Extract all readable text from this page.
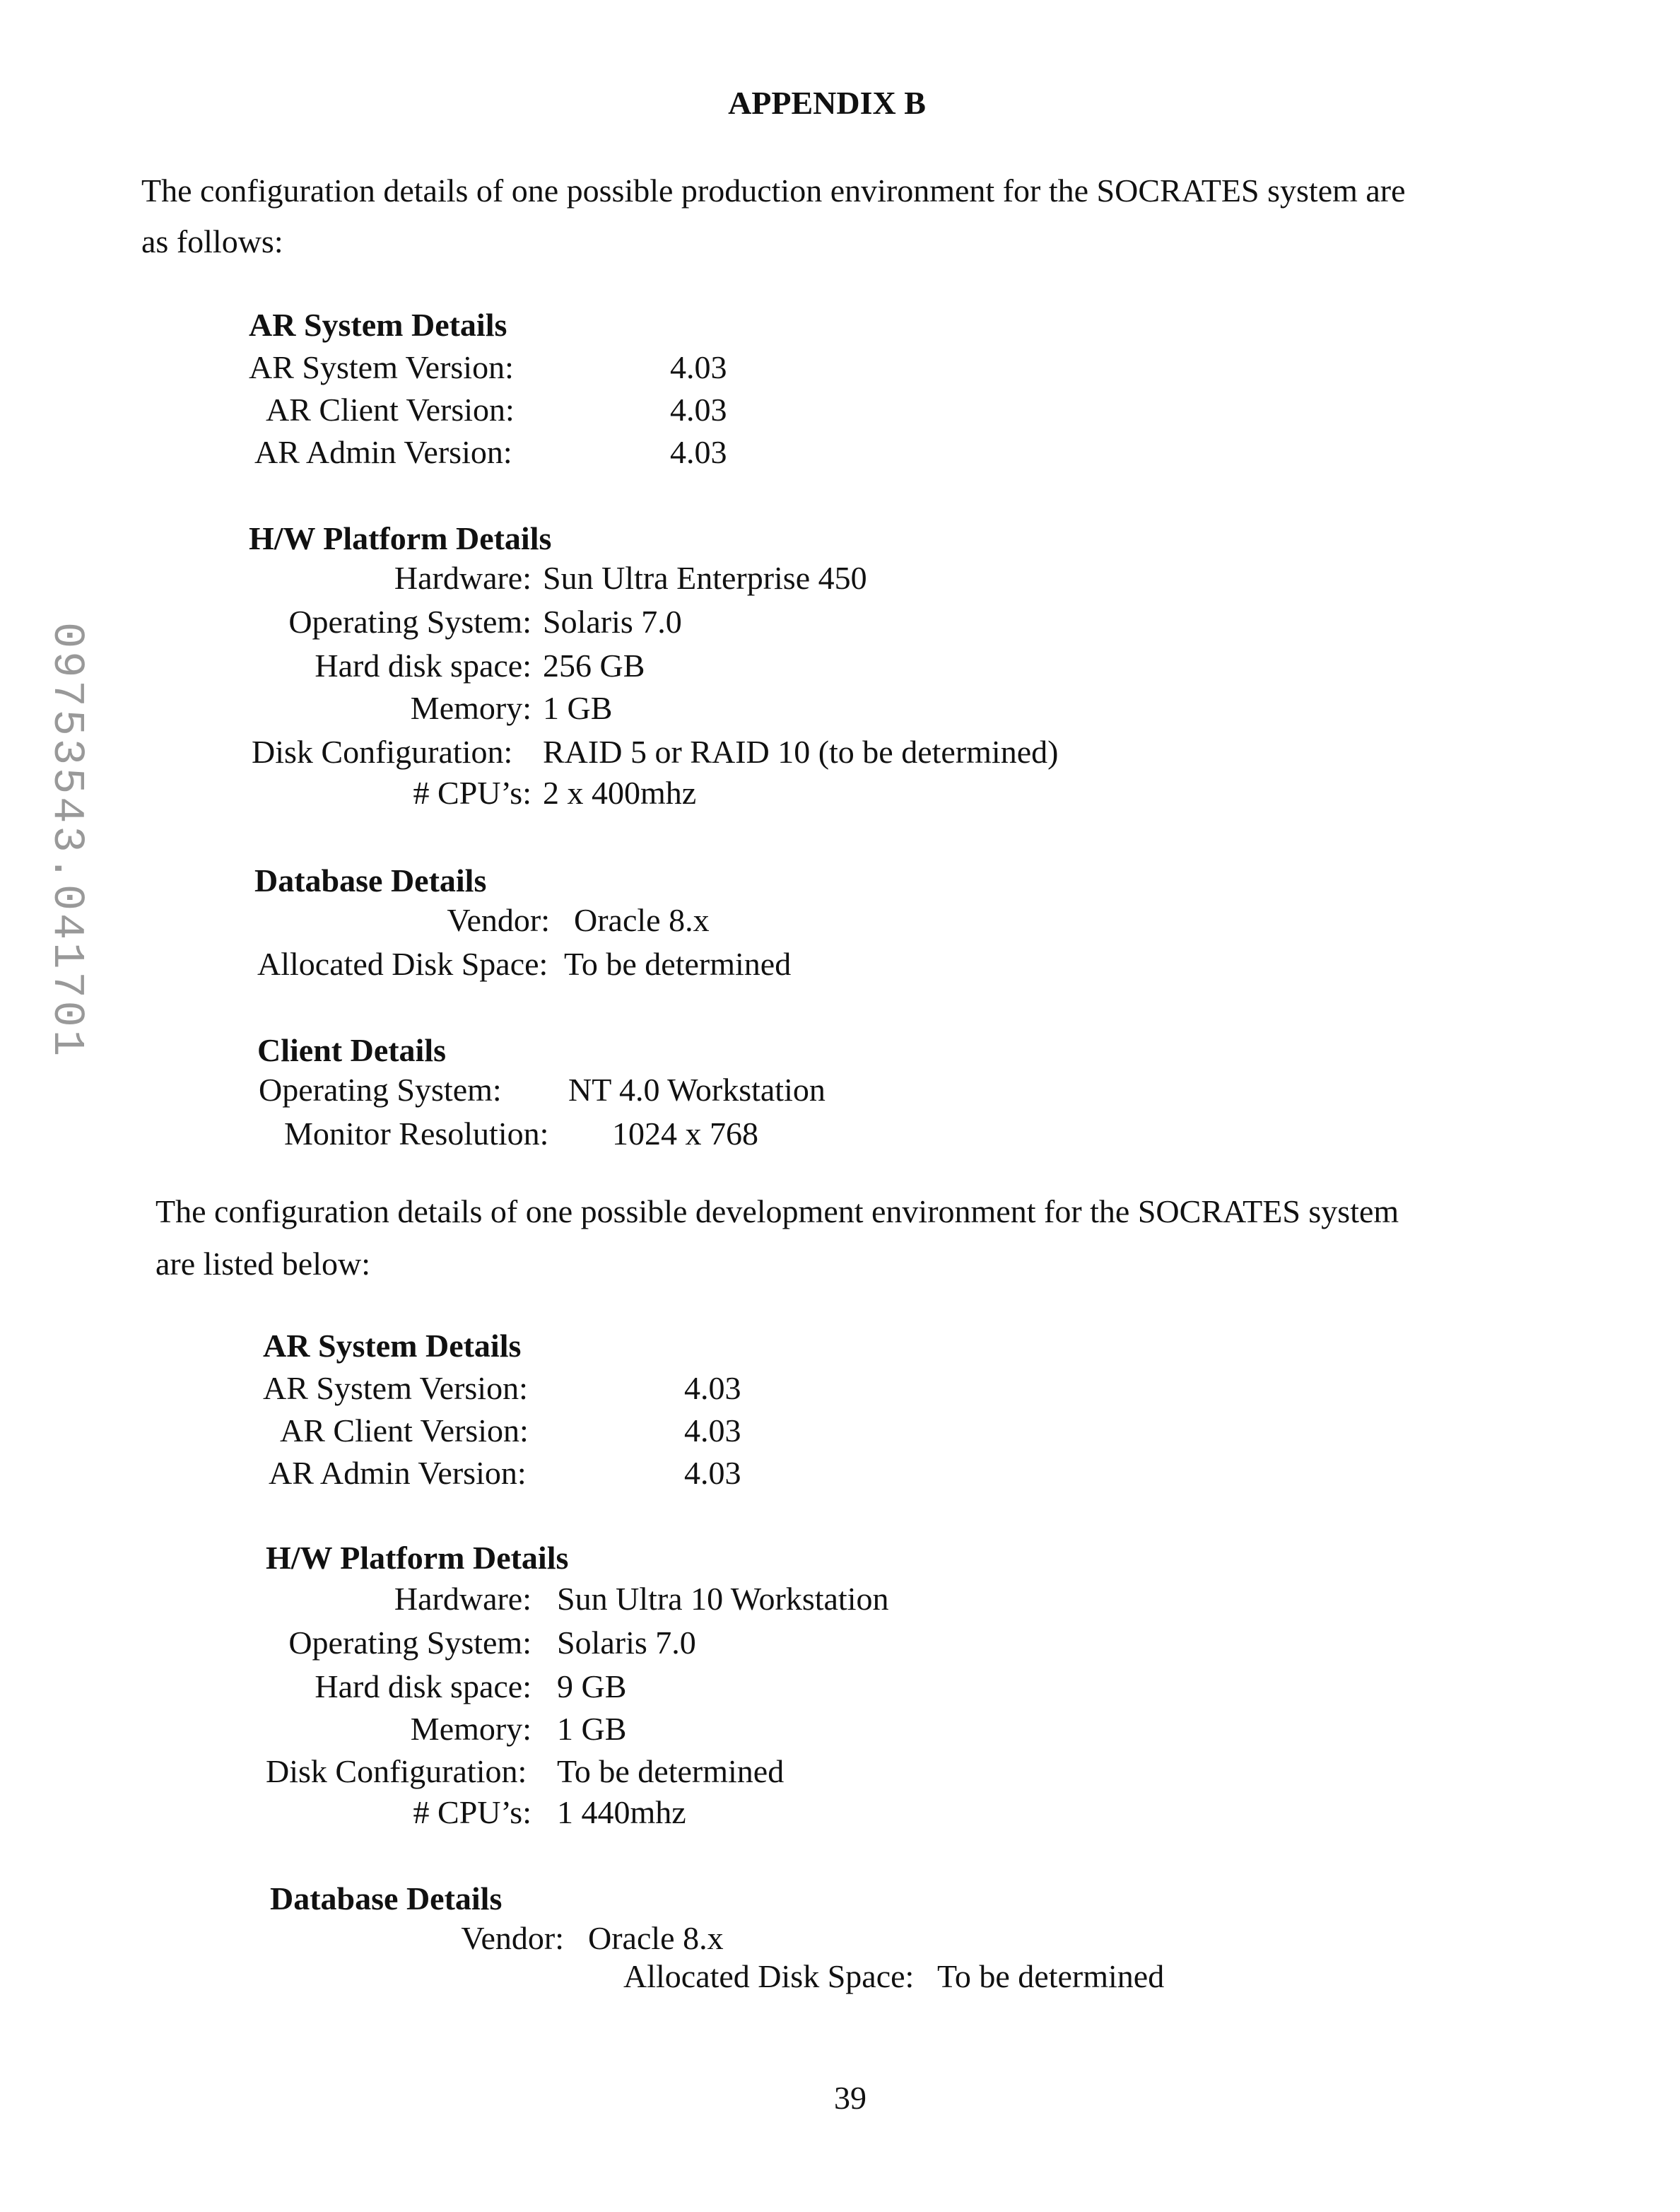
APPENDIX B
The configuration details of one possible production environment for the SOCRATES system are
as follows:
AR System Details
AR System Version:	4.03
AR Client Version:	4.03
AR Admin Version:	4.03
H/W Platform Details
Hardware: Sun Ultra Enterprise 450
Operating System: Solaris 7.0
Hard disk space: 256 GB
Memory: 1 GB
Disk Configuration: RAID 5 or RAID 10 (to be determined)
# CPU’s: 2 x 400mhz
Database Details
Vendor: Oracle 8.x
Allocated Disk Space: To be determined
Client Details
Operating System: NT 4.0 Workstation
Monitor Resolution: 1024 x 768
The configuration details of one possible development environment for the SOCRATES system
are listed below:
AR System Details
AR System Version:	4.03
AR Client Version:	4.03
AR Admin Version:	4.03
H/W Platform Details
Hardware: Sun Ultra 10 Workstation
Operating System: Solaris 7.0
Hard disk space: 9 GB
Memory: 1 GB
Disk Configuration: To be determined
# CPU’s: 1 440mhz
Database Details
Vendor: Oracle 8.x
Allocated Disk Space: To be determined
39
09753543.041701
